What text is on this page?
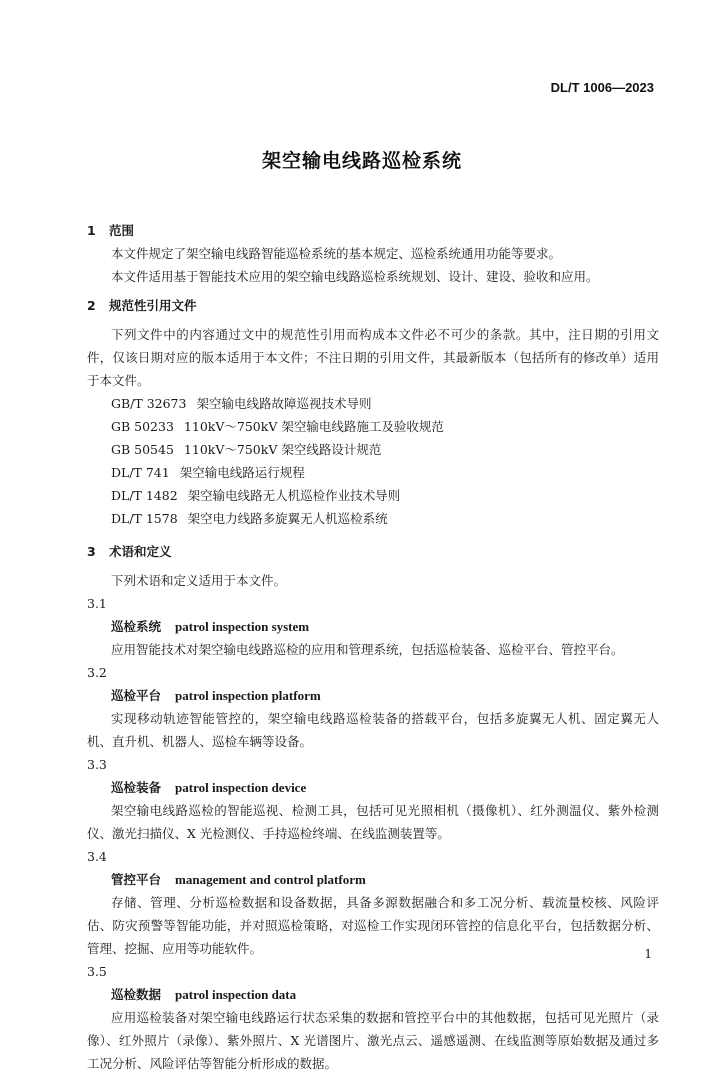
DL/T 1006—2023
架空输电线路巡检系统
1 范围
本文件规定了架空输电线路智能巡检系统的基本规定、巡检系统通用功能等要求。
本文件适用基于智能技术应用的架空输电线路巡检系统规划、设计、建设、验收和应用。
2 规范性引用文件
下列文件中的内容通过文中的规范性引用而构成本文件必不可少的条款。其中，注日期的引用文件，仅该日期对应的版本适用于本文件；不注日期的引用文件，其最新版本（包括所有的修改单）适用于本文件。
GB/T 32673 架空输电线路故障巡视技术导则
GB 50233 110kV～750kV 架空输电线路施工及验收规范
GB 50545 110kV～750kV 架空线路设计规范
DL/T 741 架空输电线路运行规程
DL/T 1482 架空输电线路无人机巡检作业技术导则
DL/T 1578 架空电力线路多旋翼无人机巡检系统
3 术语和定义
下列术语和定义适用于本文件。
3.1
巡检系统 patrol inspection system
应用智能技术对架空输电线路巡检的应用和管理系统，包括巡检装备、巡检平台、管控平台。
3.2
巡检平台 patrol inspection platform
实现移动轨迹智能管控的，架空输电线路巡检装备的搭载平台，包括多旋翼无人机、固定翼无人机、直升机、机器人、巡检车辆等设备。
3.3
巡检装备 patrol inspection device
架空输电线路巡检的智能巡视、检测工具，包括可见光照相机（摄像机）、红外测温仪、紫外检测仪、激光扫描仪、X 光检测仪、手持巡检终端、在线监测装置等。
3.4
管控平台 management and control platform
存储、管理、分析巡检数据和设备数据，具备多源数据融合和多工况分析、载流量校核、风险评估、防灾预警等智能功能，并对照巡检策略，对巡检工作实现闭环管控的信息化平台，包括数据分析、管理、挖掘、应用等功能软件。
3.5
巡检数据 patrol inspection data
应用巡检装备对架空输电线路运行状态采集的数据和管控平台中的其他数据，包括可见光照片（录像）、红外照片（录像）、紫外照片、X 光谱图片、激光点云、遥感遥测、在线监测等原始数据及通过多工况分析、风险评估等智能分析形成的数据。
1
